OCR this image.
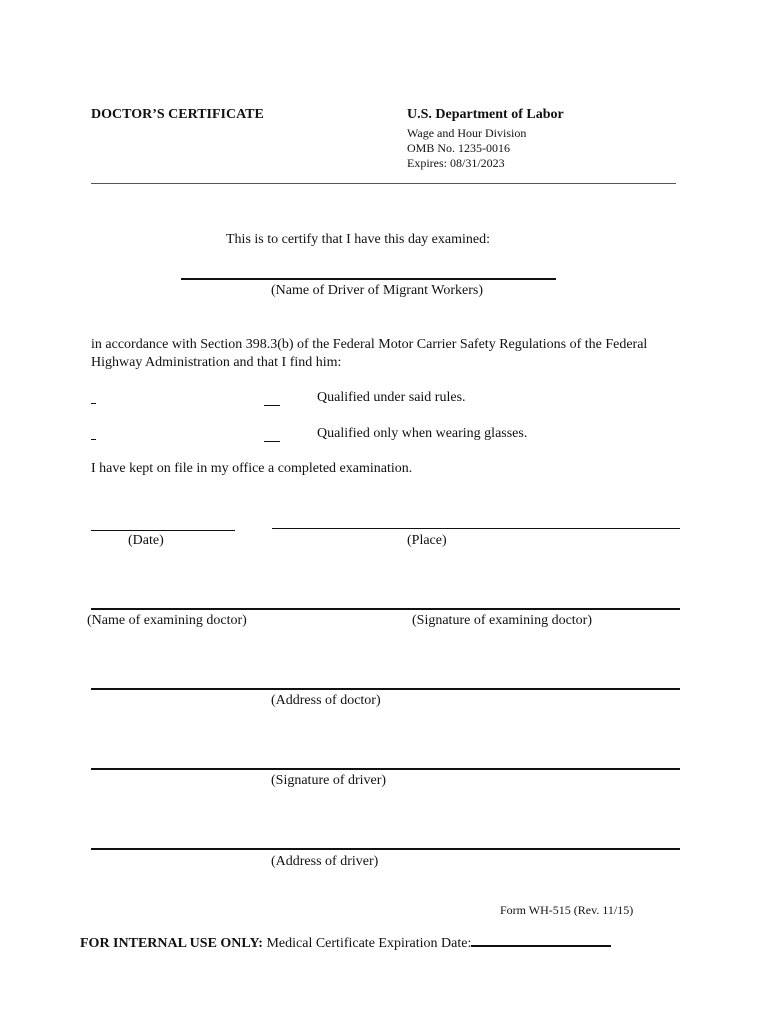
DOCTOR’S CERTIFICATE	U.S. Department of Labor
Wage and Hour Division
OMB No. 1235-0016
Expires: 08/31/2023
This is to certify that I have this day examined:
(Name of Driver of Migrant Workers)
in accordance with Section 398.3(b) of the Federal Motor Carrier Safety Regulations of the Federal Highway Administration and that I find him:
Qualified under said rules.
Qualified only when wearing glasses.
I have kept on file in my office a completed examination.
(Date)	(Place)
(Name of examining doctor)	(Signature of examining doctor)
(Address of doctor)
(Signature of driver)
(Address of driver)
Form WH-515 (Rev. 11/15)
FOR INTERNAL USE ONLY: Medical Certificate Expiration Date:
